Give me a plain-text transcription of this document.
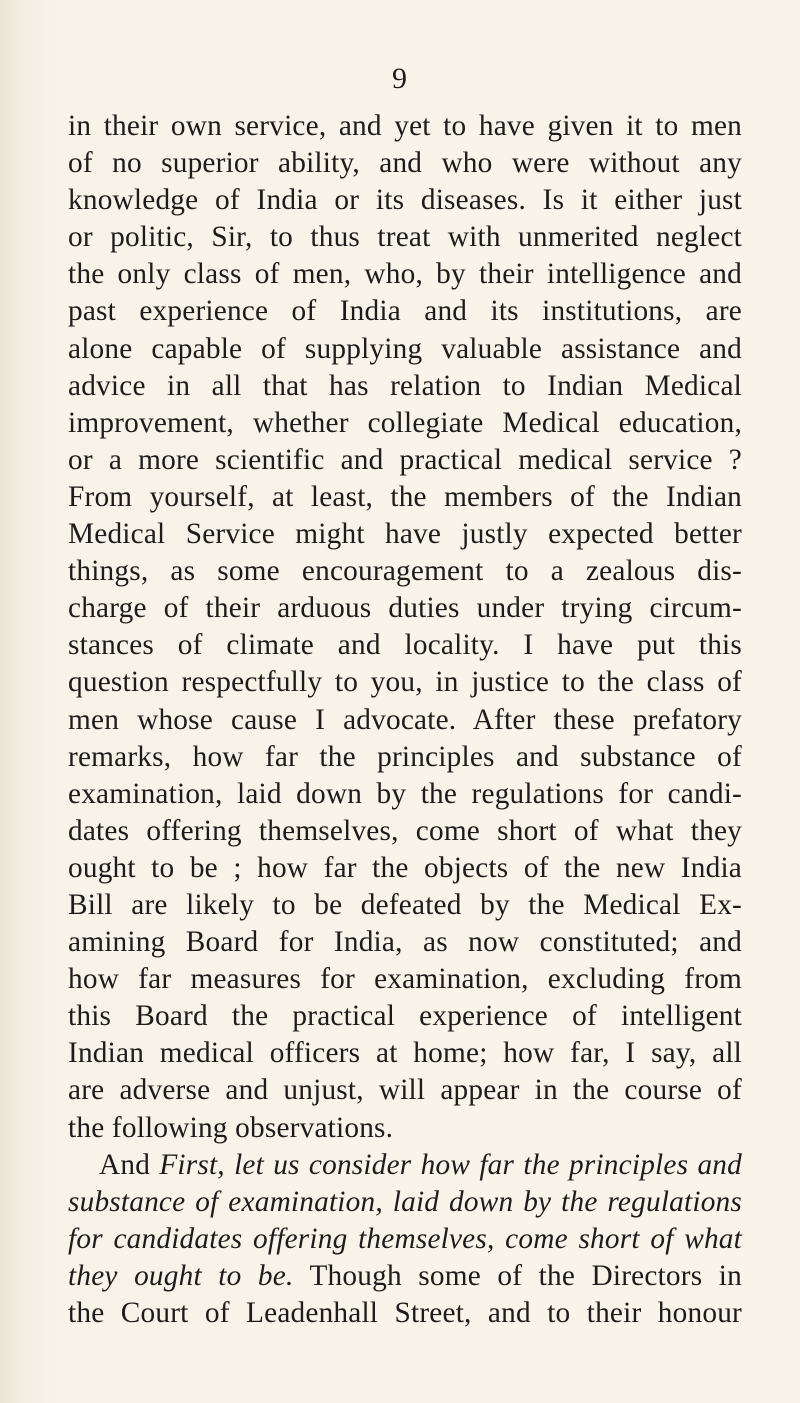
9
in their own service, and yet to have given it to men
of no superior ability, and who were without any
knowledge of India or its diseases. Is it either just
or politic, Sir, to thus treat with unmerited neglect
the only class of men, who, by their intelligence and
past experience of India and its institutions, are
alone capable of supplying valuable assistance and
advice in all that has relation to Indian Medical
improvement, whether collegiate Medical education,
or a more scientific and practical medical service ?
From yourself, at least, the members of the Indian
Medical Service might have justly expected better
things, as some encouragement to a zealous dis-
charge of their arduous duties under trying circum-
stances of climate and locality. I have put this
question respectfully to you, in justice to the class of
men whose cause I advocate. After these prefatory
remarks, how far the principles and substance of
examination, laid down by the regulations for candi-
dates offering themselves, come short of what they
ought to be ; how far the objects of the new India
Bill are likely to be defeated by the Medical Ex-
amining Board for India, as now constituted; and
how far measures for examination, excluding from
this Board the practical experience of intelligent
Indian medical officers at home; how far, I say, all
are adverse and unjust, will appear in the course of
the following observations.
And First, let us consider how far the principles and
substance of examination, laid down by the regulations
for candidates offering themselves, come short of what
they ought to be. Though some of the Directors in
the Court of Leadenhall Street, and to their honour
